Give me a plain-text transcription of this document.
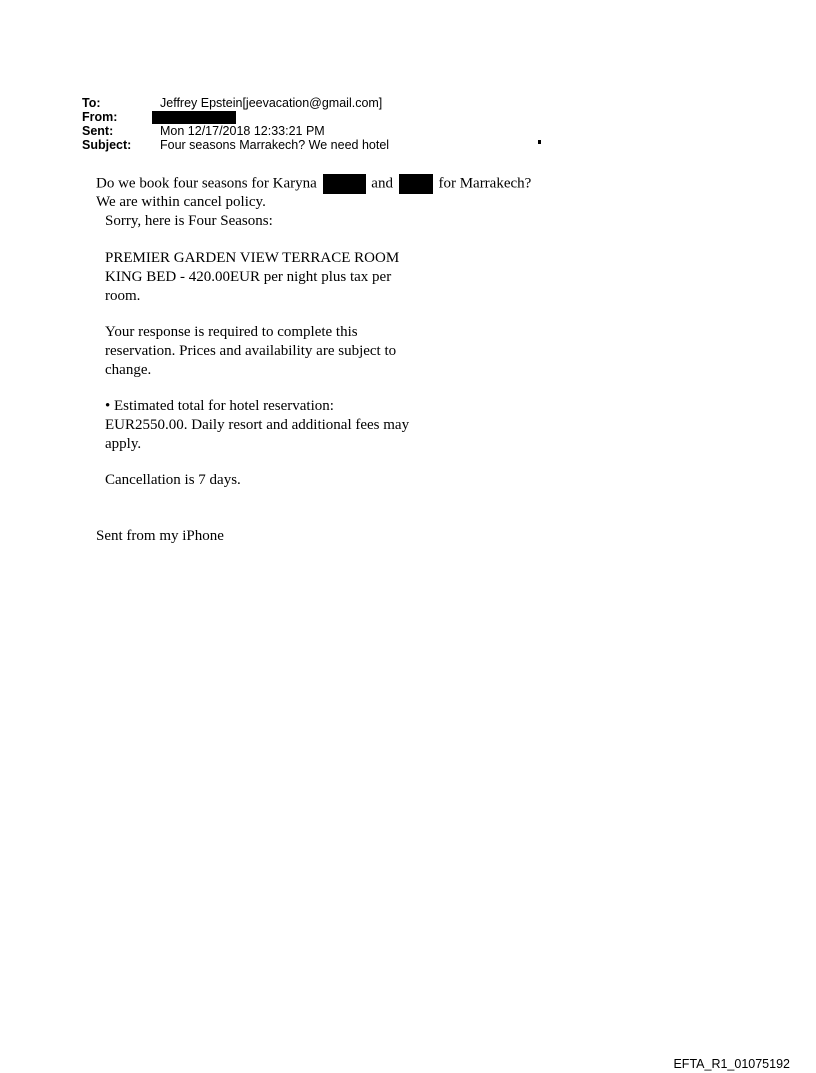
To:	Jeffrey Epstein[jeevacation@gmail.com]
From:
Sent:	Mon 12/17/2018 12:33:21 PM
Subject:	Four seasons Marrakech? We need hotel
Do we book four seasons for Karyna	and	for Marrakech?
We are within cancel policy.
Sorry, here is Four Seasons:
PREMIER GARDEN VIEW TERRACE ROOM
KING BED - 420.00EUR per night plus tax per
room.
Your response is required to complete this
reservation. Prices and availability are subject to
change.
• Estimated total for hotel reservation:
EUR2550.00. Daily resort and additional fees may
apply.
Cancellation is 7 days.
Sent from my iPhone
EFTA_R1_01075192
